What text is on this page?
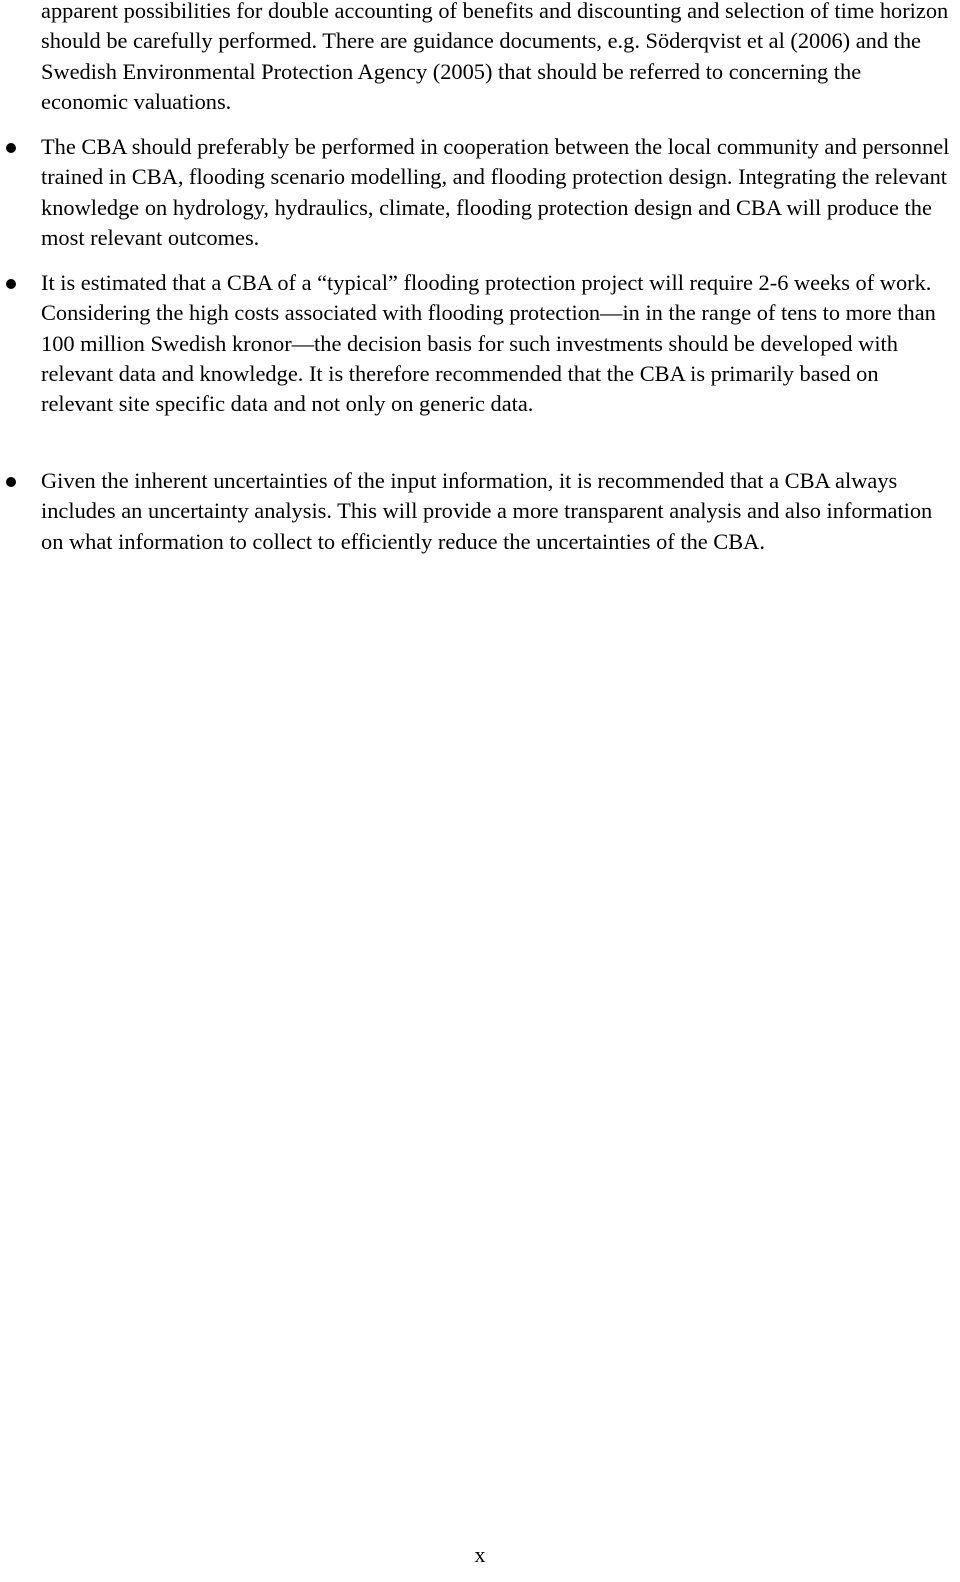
apparent possibilities for double accounting of benefits and discounting and selection of time horizon should be carefully performed. There are guidance documents, e.g. Söderqvist et al (2006) and the Swedish Environmental Protection Agency (2005) that should be referred to concerning the economic valuations.

The CBA should preferably be performed in cooperation between the local community and personnel trained in CBA, flooding scenario modelling, and flooding protection design. Integrating the relevant knowledge on hydrology, hydraulics, climate, flooding protection design and CBA will produce the most relevant outcomes.

It is estimated that a CBA of a “typical” flooding protection project will require 2-6 weeks of work. Considering the high costs associated with flooding protection—in in the range of tens to more than 100 million Swedish kronor—the decision basis for such investments should be developed with relevant data and knowledge. It is therefore recommended that the CBA is primarily based on relevant site specific data and not only on generic data.

Given the inherent uncertainties of the input information, it is recommended that a CBA always includes an uncertainty analysis. This will provide a more transparent analysis and also information on what information to collect to efficiently reduce the uncertainties of the CBA.

x
